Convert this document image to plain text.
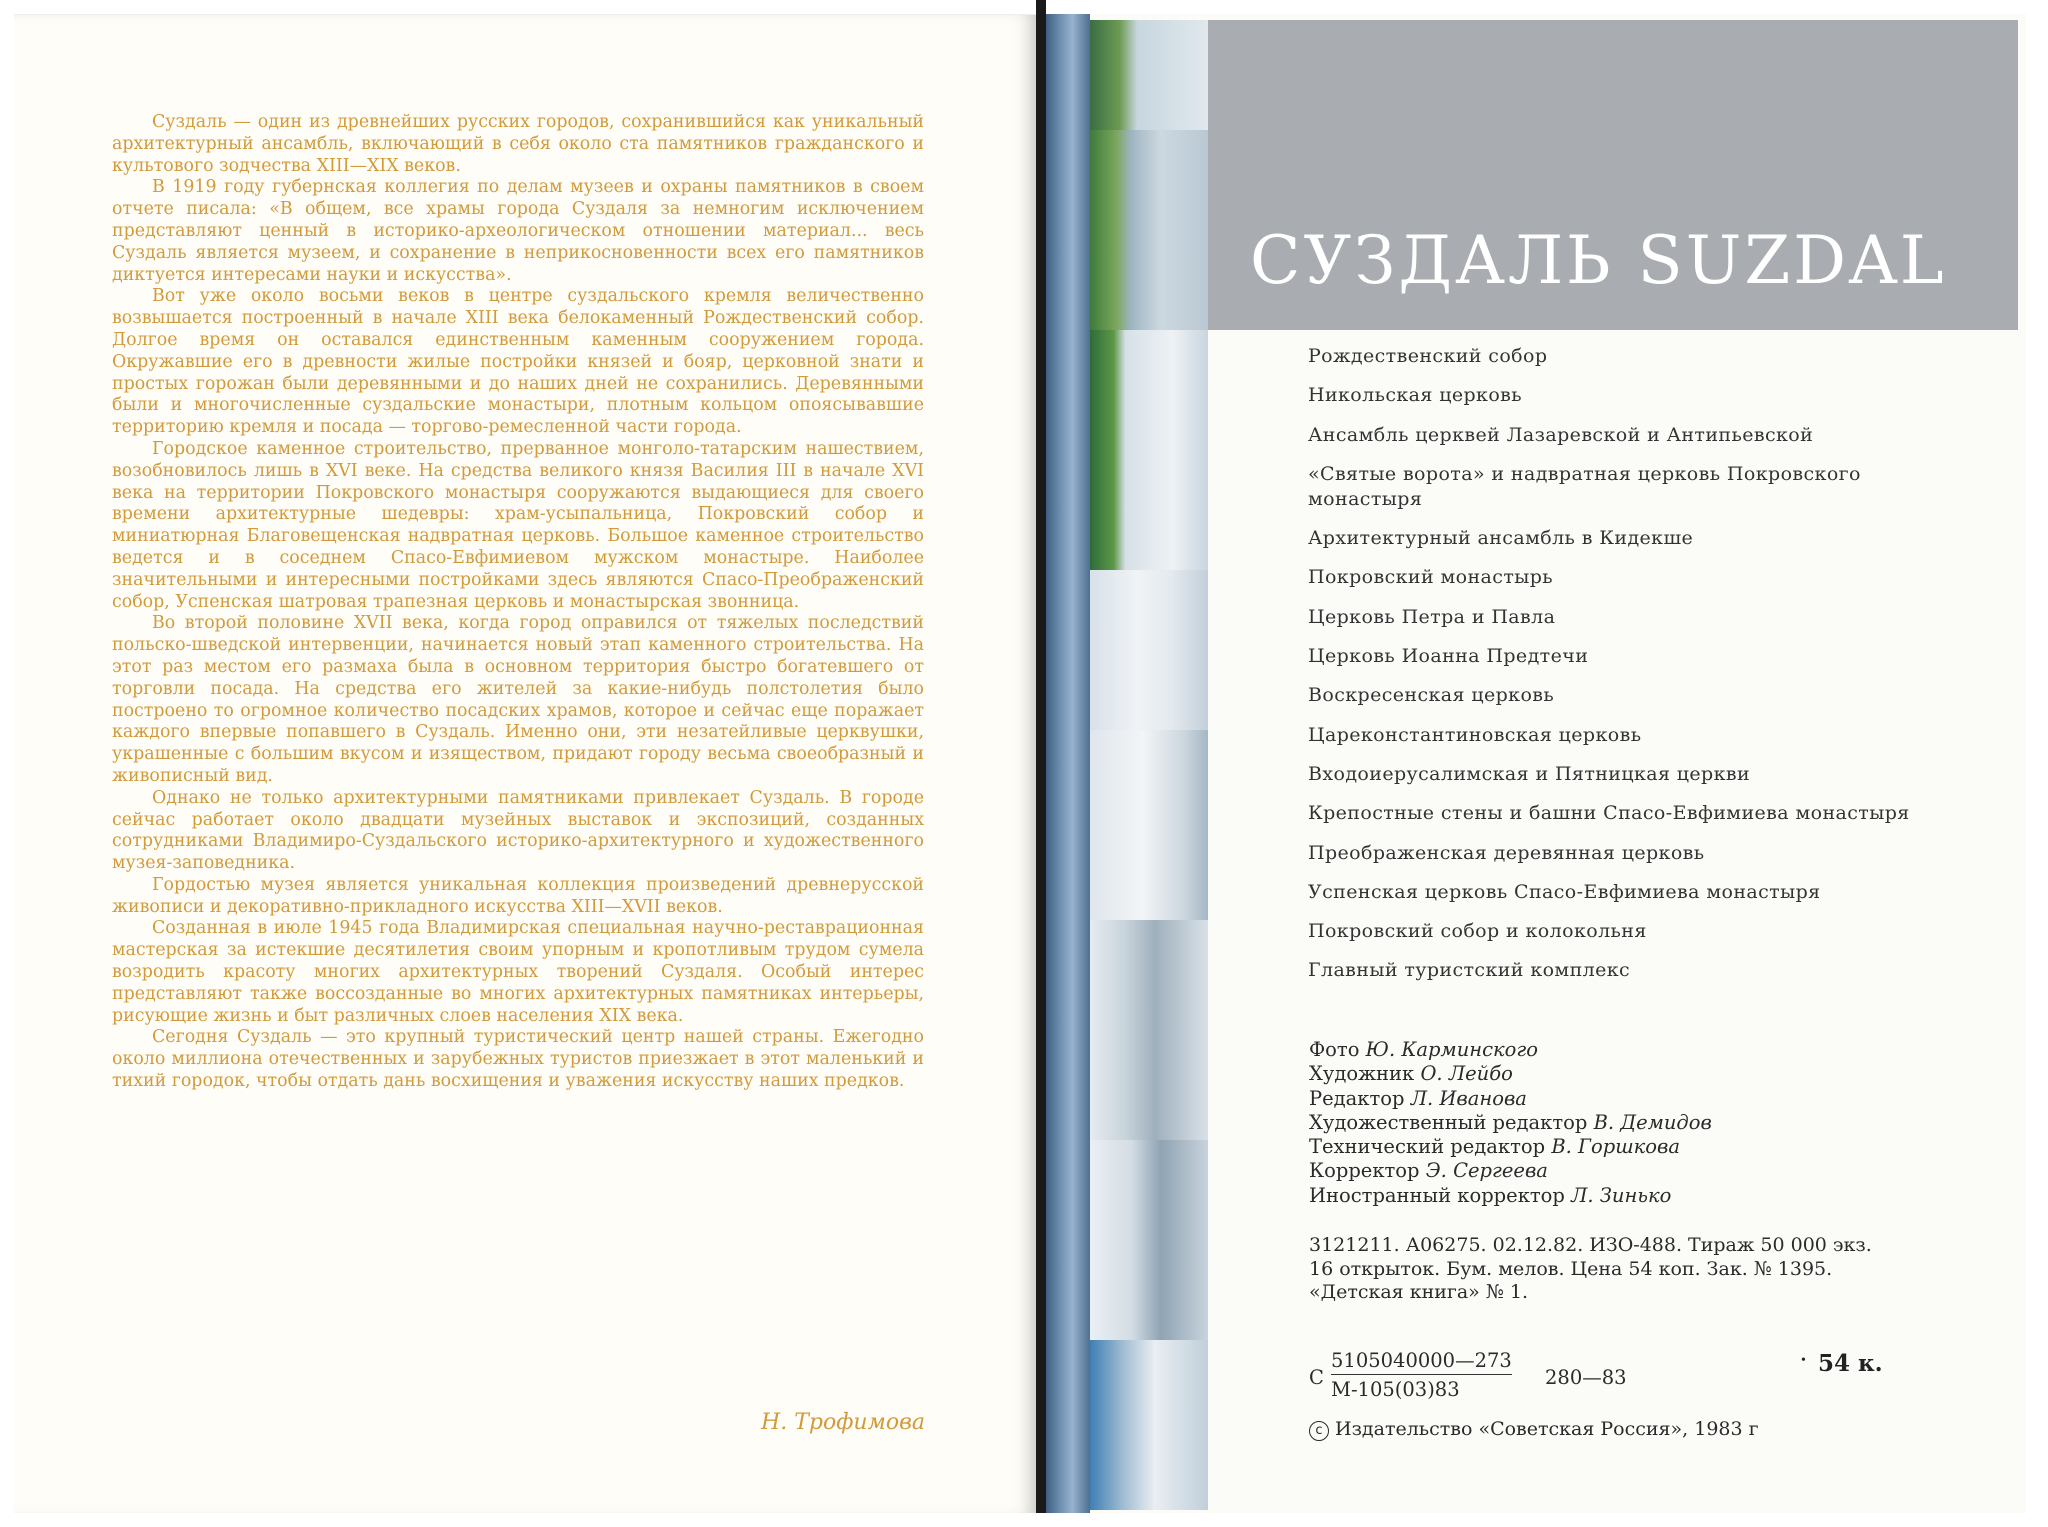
СУЗДАЛЬ SUZDAL

Суздаль — один из древнейших русских городов, сохранившийся как уникальный архитектурный ансамбль, включающий в себя около ста памятников гражданского и культового зодчества XIII—XIX веков.

В 1919 году губернская коллегия по делам музеев и охраны памятников в своем отчете писала: «В общем, все храмы города Суздаля за немногим исключением представляют ценный в историко-археологическом отношении материал... весь Суздаль является музеем, и сохранение в неприкосновенности всех его памятников диктуется интересами науки и искусства».

Вот уже около восьми веков в центре суздальского кремля величественно возвышается построенный в начале XIII века белокаменный Рождественский собор. Долгое время он оставался единственным каменным сооружением города. Окружавшие его в древности жилые постройки князей и бояр, церковной знати и простых горожан были деревянными и до наших дней не сохранились. Деревянными были и многочисленные суздальские монастыри, плотным кольцом опоясывавшие территорию кремля и посада — торгово-ремесленной части города.

Городское каменное строительство, прерванное монголо-татарским нашествием, возобновилось лишь в XVI веке. На средства великого князя Василия III в начале XVI века на территории Покровского монастыря сооружаются выдающиеся для своего времени архитектурные шедевры: храм-усыпальница, Покровский собор и миниатюрная Благовещенская надвратная церковь. Большое каменное строительство ведется и в соседнем Спасо-Евфимиевом мужском монастыре. Наиболее значительными и интересными постройками здесь являются Спасо-Преображенский собор, Успенская шатровая трапезная церковь и монастырская звонница.

Во второй половине XVII века, когда город оправился от тяжелых последствий польско-шведской интервенции, начинается новый этап каменного строительства. На этот раз местом его размаха была в основном территория быстро богатевшего от торговли посада. На средства его жителей за какие-нибудь полстолетия было построено то огромное количество посадских храмов, которое и сейчас еще поражает каждого впервые попавшего в Суздаль. Именно они, эти незатейливые церквушки, украшенные с большим вкусом и изяществом, придают городу весьма своеобразный и живописный вид.

Однако не только архитектурными памятниками привлекает Суздаль. В городе сейчас работает около двадцати музейных выставок и экспозиций, созданных сотрудниками Владимиро-Суздальского историко-архитектурного и художественного музея-заповедника.

Гордостью музея является уникальная коллекция произведений древнерусской живописи и декоративно-прикладного искусства XIII—XVII веков.

Созданная в июле 1945 года Владимирская специальная научно-реставрационная мастерская за истекшие десятилетия своим упорным и кропотливым трудом сумела возродить красоту многих архитектурных творений Суздаля. Особый интерес представляют также воссозданные во многих архитектурных памятниках интерьеры, рисующие жизнь и быт различных слоев населения XIX века.

Сегодня Суздаль — это крупный туристический центр нашей страны. Ежегодно около миллиона отечественных и зарубежных туристов приезжает в этот маленький и тихий городок, чтобы отдать дань восхищения и уважения искусству наших предков.

Н. Трофимова
Рождественский собор
Никольская церковь
Ансамбль церквей Лазаревской и Антипьевской
«Святые ворота» и надвратная церковь Покровского монастыря
Архитектурный ансамбль в Кидекше
Покровский монастырь
Церковь Петра и Павла
Церковь Иоанна Предтечи
Воскресенская церковь
Цареконстантиновская церковь
Входоиерусалимская и Пятницкая церкви
Крепостные стены и башни Спасо-Евфимиева монастыря
Преображенская деревянная церковь
Успенская церковь Спасо-Евфимиева монастыря
Покровский собор и колокольня
Главный туристский комплекс
Фото Ю. Карминского
Художник О. Лейбо
Редактор Л. Иванова
Художественный редактор В. Демидов
Технический редактор В. Горшкова
Корректор Э. Сергеева
Иностранный корректор Л. Зинько
3121211. А06275. 02.12.82. ИЗО-488. Тираж 50 000 экз.
16 открыток. Бум. мелов. Цена 54 коп. Зак. № 1395.
«Детская книга» № 1.
С
5105040000—273
М-105(03)83
280—83
• 54 к.
c Издательство «Советская Россия», 1983 г
